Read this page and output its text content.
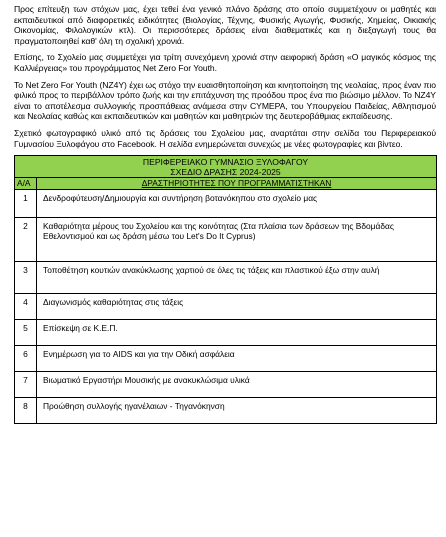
Προς επίτευξη των στόχων μας, έχει τεθεί ένα γενικό πλάνο δράσης στο οποίο συμμετέχουν οι μαθητές και εκπαιδευτικοί από διαφορετικές ειδικότητες (Βιολογίας, Τέχνης, Φυσικής Αγωγής, Φυσικής, Χημείας, Οικιακής Οικονομίας, Φιλολογικών κτλ). Οι περισσότερες δράσεις είναι διαθεματικές και η διεξαγωγή τους θα πραγματοποιηθεί καθ' όλη τη σχολική χρονιά.

Επίσης, το Σχολείο μας συμμετέχει για τρίτη συνεχόμενη χρονιά στην αειφορική δράση «Ο μαγικός κόσμος της Καλλιέργειας» του προγράμματος Net Zero For Youth.

Το Net Zero For Youth (NZ4Y) έχει ως στόχο την ευαισθητοποίηση και κινητοποίηση της νεολαίας, προς έναν πιο φιλικό προς το περιβάλλον τρόπο ζωής και την επιτάχυνση της προόδου προς ένα πιο βιώσιμο μέλλον. Το NZ4Y είναι το αποτέλεσμα συλλογικής προσπάθειας ανάμεσα στην CYMEPA, του Υπουργείου Παιδείας, Αθλητισμού και Νεολαίας καθώς και εκπαιδευτικών και μαθητών και μαθητριών της δευτεροβάθμιας εκπαίδευσης.

Σχετικό φωτογραφικό υλικό από τις δράσεις του Σχολείου μας, αναρτάται στην σελίδα του Περιφερειακού Γυμνασίου Ξυλοφάγου στο Facebook. Η σελίδα ενημερώνεται συνεχώς με νέες φωτογραφίες και βίντεο.

ΠΕΡΙΦΕΡΕΙΑΚΟ ΓΥΜΝΑΣΙΟ ΞΥΛΟΦΑΓΟΥ
ΣΧΕΔΙΟ ΔΡΑΣΗΣ 2024-2025	

Α/Α	ΔΡΑΣΤΗΡΙΟΤΗΤΕΣ ΠΟΥ ΠΡΟΓΡΑΜΜΑΤΙΣΤΗΚΑΝ
1	Δενδροφύτευση/Δημιουργία και συντήρηση βοτανόκηπου στο σχολείο μας
2	Καθαριότητα μέρους του Σχολείου και της κοινότητας (Στα πλαίσια των δράσεων της Βδομάδας Εθελοντισμού και ως δράση μέσω του Let's Do It Cyprus)
3	Τοποθέτηση κουτιών ανακύκλωσης χαρτιού σε όλες τις τάξεις και πλαστικού έξω στην αυλή
4	Διαγωνισμός καθαριότητας στις τάξεις
5	Επίσκεψη σε Κ.Ε.Π.
6	Ενημέρωση για το AIDS και για την Οδική ασφάλεια
7	Βιωματικό Εργαστήρι Μουσικής με ανακυκλώσιμα υλικά
8	Προώθηση συλλογής ηγανέλαιων - Τηγανόκηνση
